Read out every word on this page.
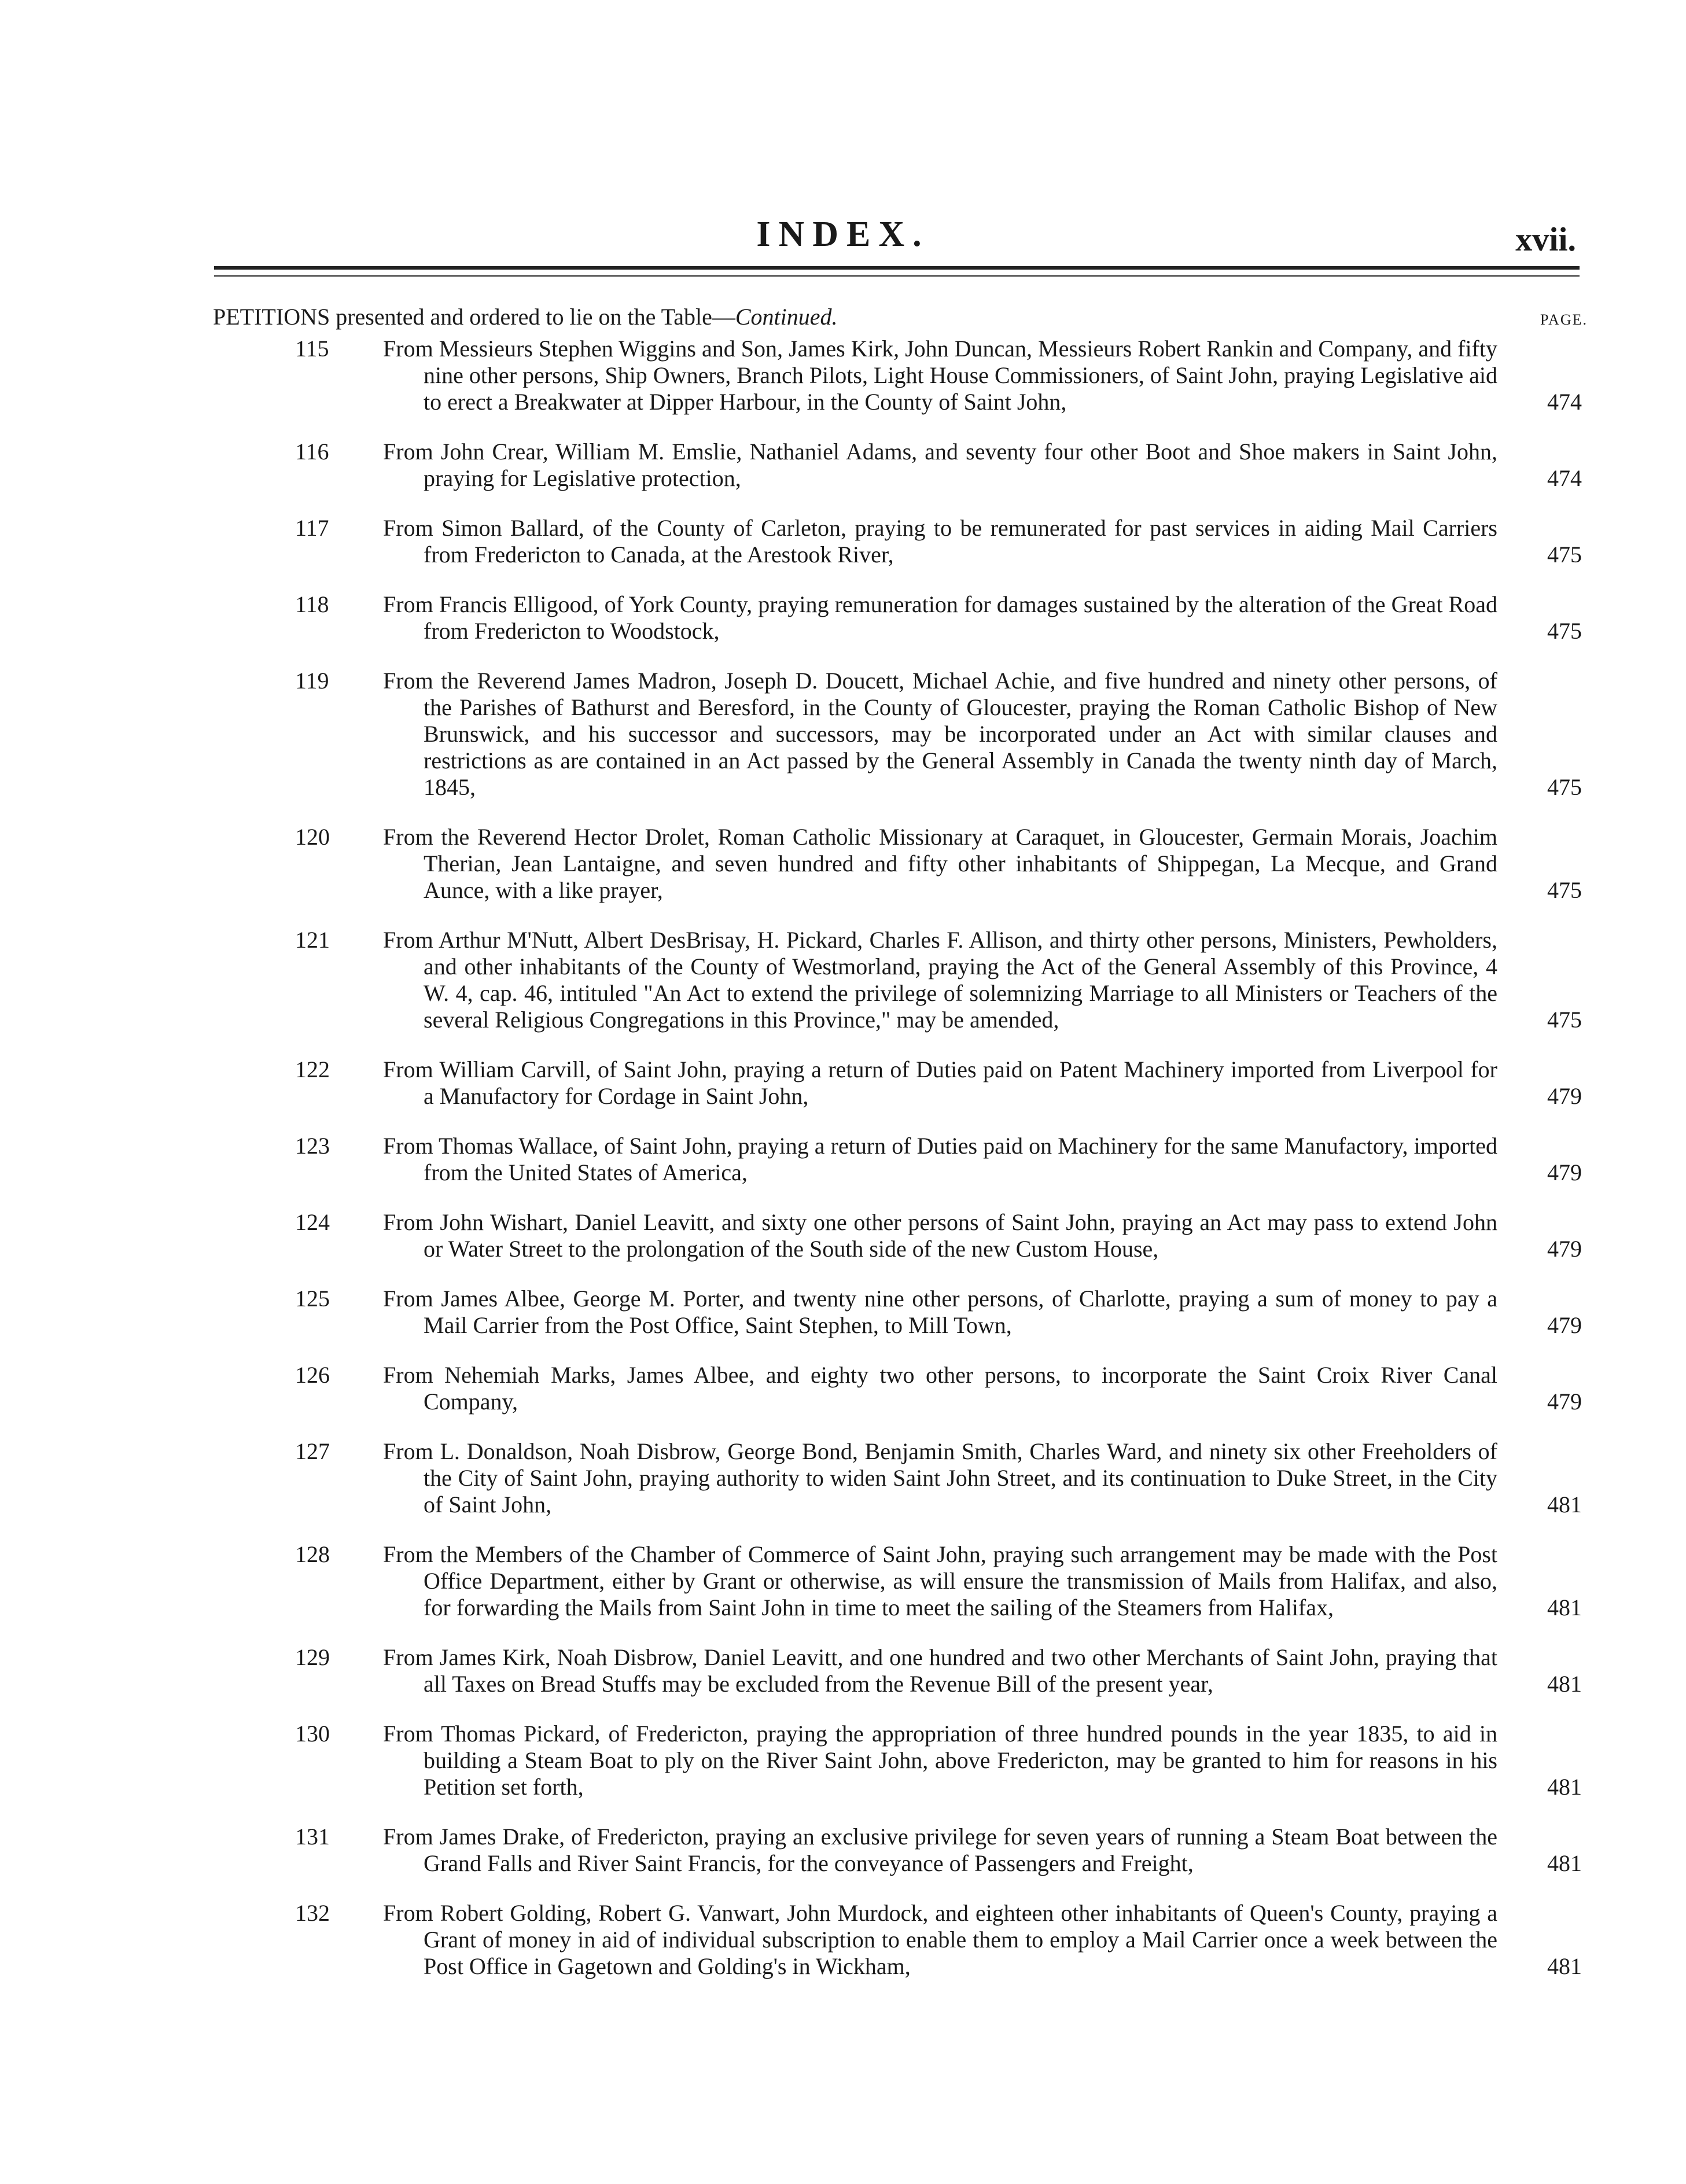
INDEX.	xvii.
PETITIONS presented and ordered to lie on the Table—Continued.	PAGE.
115 From Messieurs Stephen Wiggins and Son, James Kirk, John Duncan, Messieurs Robert Rankin and Company, and fifty nine other persons, Ship Owners, Branch Pilots, Light House Commissioners, of Saint John, praying Legislative aid to erect a Breakwater at Dipper Harbour, in the County of Saint John,	474
116 From John Crear, William M. Emslie, Nathaniel Adams, and seventy four other Boot and Shoe makers in Saint John, praying for Legislative protection,	474
117 From Simon Ballard, of the County of Carleton, praying to be remunerated for past services in aiding Mail Carriers from Fredericton to Canada, at the Arestook River,	475
118 From Francis Elligood, of York County, praying remuneration for damages sustained by the alteration of the Great Road from Fredericton to Woodstock,	475
119 From the Reverend James Madron, Joseph D. Doucett, Michael Achie, and five hundred and ninety other persons, of the Parishes of Bathurst and Beresford, in the County of Gloucester, praying the Roman Catholic Bishop of New Brunswick, and his successor and successors, may be incorporated under an Act with similar clauses and restrictions as are contained in an Act passed by the General Assembly in Canada the twenty ninth day of March, 1845,	475
120 From the Reverend Hector Drolet, Roman Catholic Missionary at Caraquet, in Gloucester, Germain Morais, Joachim Therian, Jean Lantaigne, and seven hundred and fifty other inhabitants of Shippegan, La Mecque, and Grand Aunce, with a like prayer,	475
121 From Arthur M'Nutt, Albert DesBrisay, H. Pickard, Charles F. Allison, and thirty other persons, Ministers, Pewholders, and other inhabitants of the County of Westmorland, praying the Act of the General Assembly of this Province, 4 W. 4, cap. 46, intituled "An Act to extend the privilege of solemnizing Marriage to all Ministers or Teachers of the several Religious Congregations in this Province," may be amended,	475
122 From William Carvill, of Saint John, praying a return of Duties paid on Patent Machinery imported from Liverpool for a Manufactory for Cordage in Saint John,	479
123 From Thomas Wallace, of Saint John, praying a return of Duties paid on Machinery for the same Manufactory, imported from the United States of America,	479
124 From John Wishart, Daniel Leavitt, and sixty one other persons of Saint John, praying an Act may pass to extend John or Water Street to the prolongation of the South side of the new Custom House,	479
125 From James Albee, George M. Porter, and twenty nine other persons, of Charlotte, praying a sum of money to pay a Mail Carrier from the Post Office, Saint Stephen, to Mill Town,	479
126 From Nehemiah Marks, James Albee, and eighty two other persons, to incorporate the Saint Croix River Canal Company,	479
127 From L. Donaldson, Noah Disbrow, George Bond, Benjamin Smith, Charles Ward, and ninety six other Freeholders of the City of Saint John, praying authority to widen Saint John Street, and its continuation to Duke Street, in the City of Saint John,	481
128 From the Members of the Chamber of Commerce of Saint John, praying such arrangement may be made with the Post Office Department, either by Grant or otherwise, as will ensure the transmission of Mails from Halifax, and also, for forwarding the Mails from Saint John in time to meet the sailing of the Steamers from Halifax,	481
129 From James Kirk, Noah Disbrow, Daniel Leavitt, and one hundred and two other Merchants of Saint John, praying that all Taxes on Bread Stuffs may be excluded from the Revenue Bill of the present year,	481
130 From Thomas Pickard, of Fredericton, praying the appropriation of three hundred pounds in the year 1835, to aid in building a Steam Boat to ply on the River Saint John, above Fredericton, may be granted to him for reasons in his Petition set forth,	481
131 From James Drake, of Fredericton, praying an exclusive privilege for seven years of running a Steam Boat between the Grand Falls and River Saint Francis, for the conveyance of Passengers and Freight,	481
132 From Robert Golding, Robert G. Vanwart, John Murdock, and eighteen other inhabitants of Queen's County, praying a Grant of money in aid of individual subscription to enable them to employ a Mail Carrier once a week between the Post Office in Gagetown and Golding's in Wickham,	481
